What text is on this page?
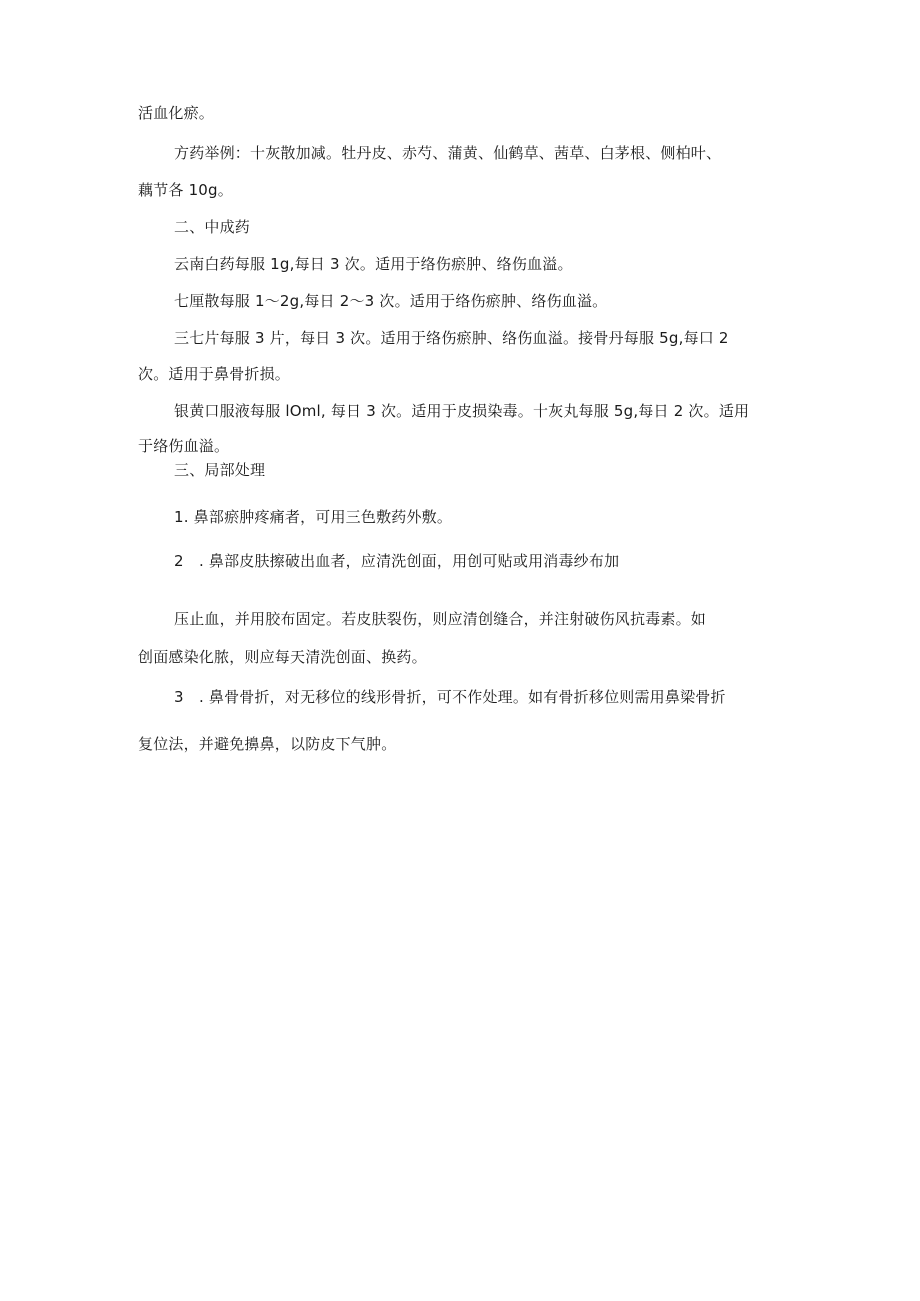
活血化瘀。
方药举例：十灰散加减。牡丹皮、赤芍、蒲黄、仙鹤草、茜草、白茅根、侧柏叶、
藕节各 10g。
二、中成药
云南白药每服 1g,每日 3 次。适用于络伤瘀肿、络伤血溢。
七厘散每服 1～2g,每日 2～3 次。适用于络伤瘀肿、络伤血溢。
三七片每服 3 片，每日 3 次。适用于络伤瘀肿、络伤血溢。接骨丹每服 5g,每口 2
次。适用于鼻骨折损。
银黄口服液每服 lOml, 每日 3 次。适用于皮损染毒。十灰丸每服 5g,每日 2 次。适用
于络伤血溢。
三、局部处理
1. 鼻部瘀肿疼痛者，可用三色敷药外敷。
2　. 鼻部皮肤擦破出血者，应清洗创面，用创可贴或用消毒纱布加
压止血，并用胶布固定。若皮肤裂伤，则应清创缝合，并注射破伤风抗毒素。如
创面感染化脓，则应每天清洗创面、换药。
3　. 鼻骨骨折，对无移位的线形骨折，可不作处理。如有骨折移位则需用鼻梁骨折
复位法，并避免擤鼻，以防皮下气肿。
